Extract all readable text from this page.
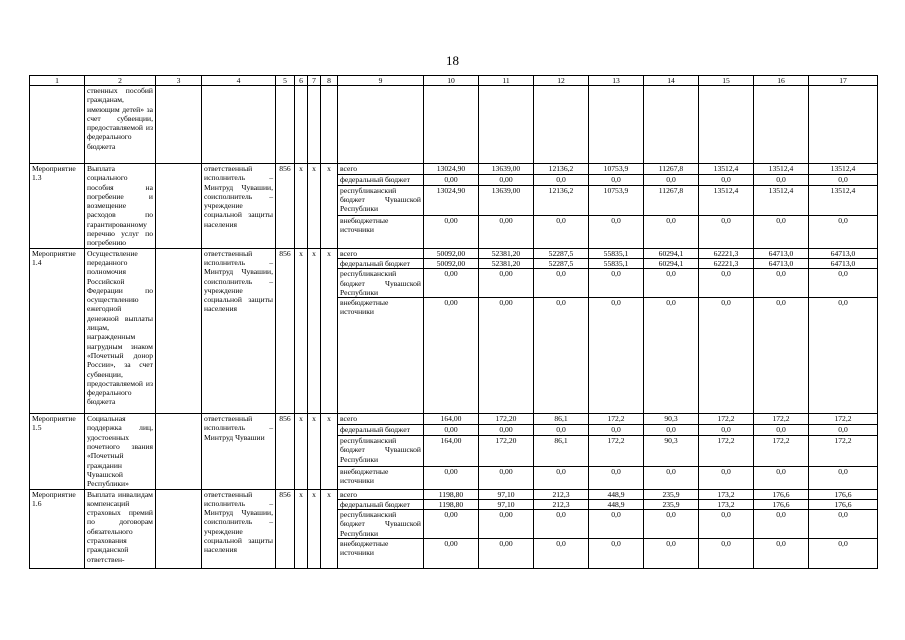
18
1	2	3	4	5	6	7	8	9	10	11	12	13	14	15	16	17
	ственных пособий гражданам, имеющим детей» за счет субвенции, предоставляемой из федерального бюджета															
Мероприятие 1.3	Выплата социального пособия на погребение и возмещение расходов по гарантированному перечню услуг по погребению		ответственный исполнитель – Минтруд Чувашии, соисполнитель – учреждение социальной защиты населения	856	x	x	x	всего	13024,90	13639,00	12136,2	10753,9	11267,8	13512,4	13512,4	13512,4
								федеральный бюджет	0,00	0,00	0,0	0,0	0,0	0,0	0,0	0,0
								республиканский бюджет Чувашской Республики	13024,90	13639,00	12136,2	10753,9	11267,8	13512,4	13512,4	13512,4
								внебюджетные источники	0,00	0,00	0,0	0,0	0,0	0,0	0,0	0,0
Мероприятие 1.4	Осуществление переданного полномочия Российской Федерации по осуществлению ежегодной денежной выплаты лицам, награжденным нагрудным знаком «Почетный донор России», за счет субвенции, предоставляемой из федерального бюджета		ответственный исполнитель – Минтруд Чувашии, соисполнитель – учреждение социальной защиты населения	856	x	x	x	всего	50092,00	52381,20	52287,5	55835,1	60294,1	62221,3	64713,0	64713,0
								федеральный бюджет	50092,00	52381,20	52287,5	55835,1	60294,1	62221,3	64713,0	64713,0
								республиканский бюджет Чувашской Республики	0,00	0,00	0,0	0,0	0,0	0,0	0,0	0,0
								внебюджетные источники	0,00	0,00	0,0	0,0	0,0	0,0	0,0	0,0
Мероприятие 1.5	Социальная поддержка лиц, удостоенных почетного звания «Почетный гражданин Чувашской Республики»		ответственный исполнитель – Минтруд Чувашии	856	x	x	x	всего	164,00	172,20	86,1	172,2	90,3	172,2	172,2	172,2
								федеральный бюджет	0,00	0,00	0,0	0,0	0,0	0,0	0,0	0,0
								республиканский бюджет Чувашской Республики	164,00	172,20	86,1	172,2	90,3	172,2	172,2	172,2
								внебюджетные источники	0,00	0,00	0,0	0,0	0,0	0,0	0,0	0,0
Мероприятие 1.6	Выплата инвалидам компенсаций страховых премий по договорам обязательного страхования гражданской ответствен-		ответственный исполнитель – Минтруд Чувашии, соисполнитель – учреждение социальной защиты населения	856	x	x	x	всего	1198,80	97,10	212,3	448,9	235,9	173,2	176,6	176,6
								федеральный бюджет	1198,80	97,10	212,3	448,9	235,9	173,2	176,6	176,6
								республиканский бюджет Чувашской Республики	0,00	0,00	0,0	0,0	0,0	0,0	0,0	0,0
								внебюджетные источники	0,00	0,00	0,0	0,0	0,0	0,0	0,0	0,0
